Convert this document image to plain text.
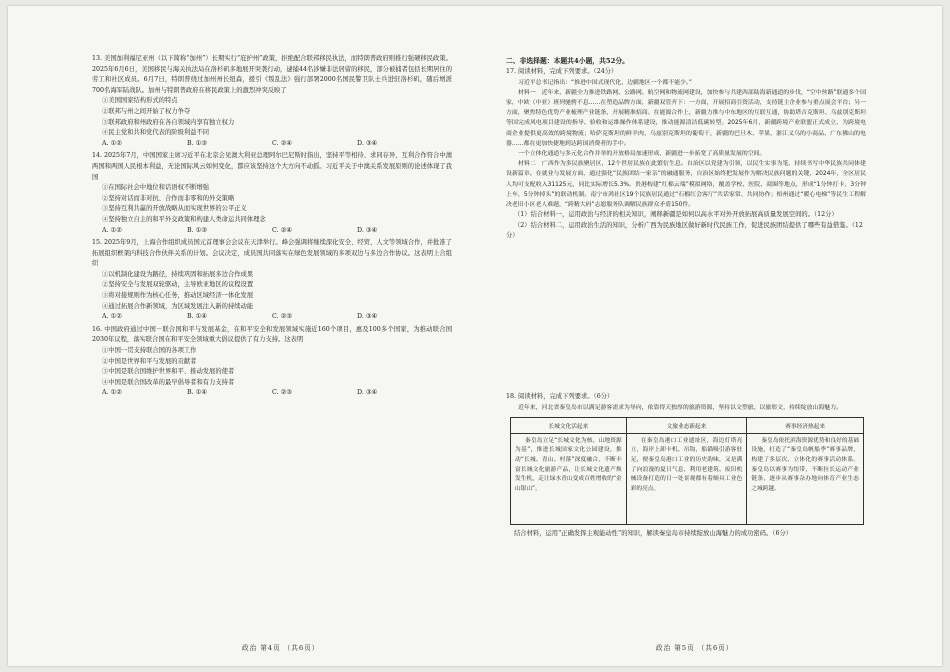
13. 美国加利福尼亚州（以下简称“加州”）长期实行“庇护州”政策，拒绝配合联邦移民执法，而特朗普政府则推行强硬移民政策。2025年6月6日，美国移民与海关执法局在洛杉矶多地展开突袭行动，逮捕44名涉嫌非法居留的移民，部分被捕者包括长期居住的劳工和社区成员。6月7日，特朗普绕过加州州长纽森，援引《叛乱法》强行部署2000名国民警卫队士兵进驻洛杉矶，随后增派700名海军陆战队。加州与特朗普政府在移民政策上的激烈冲突反映了

①美国国家结构形式的特点

②联邦与州之间开始了权力争夺

③联邦政府和州政府在各自领域内享有独立权力

④民主党和共和党代表的阶级利益不同

A. ①②	B. ①③	C. ②④	D. ③④

14. 2025年7月，中国国家主席习近平在北京会见澳大利亚总理阿尔巴尼斯时指出，坚持平等相待、求同存异、互利合作符合中澳两国和两国人民根本利益，无论国际风云如何变化，都应该坚持这个大方向不动摇。习近平关于中澳关系发展原则的论述体现了我国

①在国际社会中地位和话语权不断增强

②坚持对话而非对抗、合作而非零和的外交策略

③坚持互利共赢的开放战略从而实现世界的公平正义

④坚持独立自主的和平外交政策和构建人类命运共同体理念

A. ①②	B. ①③	C. ②④	D. ③④

15. 2025年9月，上海合作组织成员国元首理事会会议在天津举行。峰会强调将继续深化安全、经贸、人文等领域合作，并批准了拓展组织框架内科技合作伙伴关系的计划。会议决定，成员国共同落实在绿色发展领域的多项双边与多边合作协议。这表明上合组织

①以机制化建设为路径，持续巩固和拓展多边合作成果

②坚持安全与发展双轮驱动，主导欧亚地区的议程设置

③将对接规则作为核心任务，推动区域经济一体化发展

④通过拓展合作新领域，为区域发展注入新的持续动能

A. ①②	B. ①④	C. ②③	D. ③④

16. 中国政府通过中国－联合国和平与发展基金，在和平安全和发展领域实施近160个项目，惠及100多个国家，为推动联合国2030年议程，落实联合国在和平安全领域重大倡议提供了有力支持。这表明

①中国一贯支持联合国的各项工作

②中国是世界和平与发展的贡献者

③中国是联合国维护世界和平、推动发展的使者

④中国是联合国改革的最早倡导者和有力支持者

A. ①②	B. ①④	C. ②③	D. ③④
政治 第4页 （共6页）

二、非选择题：本题共4小题，共52分。

17. 阅读材料，完成下列要求。（24分）

习近平总书记指出：“推进中国式现代化，边疆地区一个都不能少。”

材料一　近年来，新疆全力推进铁路网、公路网、航空网和物流网建设，加快参与共建西部陆海新通道的步伐，“空中丝路”联通多个国家，中欧（中亚）班列驰骋不息……在塑造品牌方面，新疆双管齐下：一方面，开展招商引资活动，支持链主企业参与重点展会平台；另一方面，聚焦特色优势产业梳理产业链条，开展精准招商。在能源合作上，新疆力推与中东地区的互联互通，协助塔吉克斯坦、乌兹别克斯坦等国完成风电项目建设的指导、验收和运维操作体系建设，推动能源清洁低碳转型。2025年6月，新疆跨境产业联盟正式成立，为跨境电商企业提供更高效的跨境物流；哈萨克斯坦的鲜羊肉、乌兹别克斯坦的葡萄干，新疆的巴旦木、苹果，浙江义乌的小商品、广东佛山的电器……都在更加快捷地到达跨国消费者的手中。

一个立体化通道与多元化合作并举的开放格局加速形成，新疆进一步拓宽了高质量发展的空间。

材料二　广西作为多民族聚居区，12个世居民族在此繁衍生息。自治区以党建为引领，以民生实事为笔，持续书写中华民族共同体建设新篇章。在就业与发展方面，通过强化“民族团结一家亲”的融通服务，自治区始终把发展作为解决民族问题的关键，2024年，全区居民人均可支配收入31125元，同比实际增长5.3%。贵港构建“红棉云端”模拟网络，覆盖学校、医院、商圈等地点，形成“1分钟打卡，3分钟上车，5分钟掉头”的联动机制。南宁市鸿社区19个民族居民通过“石榴红会客厅”共话家常、共同协作；梧州通过“暖心电梯”等民生工程解决老旧小区老人难题，“跨精大码”志愿服务队调解民族群众矛盾150件。

（1）结合材料一，运用政治与经济的相关知识，阐释新疆是如何以高水平对外开放拓展高质量发展空间的。（12分）

（2）结合材料二，运用政治生活的知识，分析广西为民族地区做好新时代民族工作，促进民族团结提供了哪些有益借鉴。（12分）

18. 阅读材料，完成下列要求。（6分）

近年来，河北省秦皇岛市以满足游客需求为导向，依靠得天独厚的旅游资源，坚持以文塑旅、以旅彰文，持续绽放山海魅力。

长城文化活起来	文旅业态新起来	赛事经济热起来
秦皇岛立足“长城文化为核、山地资源为基”，推进长城国家文化公园建设，推动“长城、青山、村落”深度融合，不断丰富长城文化旅游产品，让长城文化遗产焕发生机，走让绿水青山变成百姓增收的“金山银山”。	在秦皇岛港口工业遗址区，海边灯塔亮立，海岸上卸卡机、吊钩，船锚吸引游客驻足，便秦皇岛港口工业的历史韵味，又是满了向浪漫的夏日气息，利用老建筑、废旧机械设备打造的日一处景观都有着颇具工业色彩的亮点。	秦皇岛依托滨海资源优势和良好的基础设施，打造了“秦皇岛帆船季”赛事品牌，构建了多层次、立体化的赛事活动体系。秦皇岛以赛事为纽带，不断拉长运动产业链条，逐步从赛事杂办地向体育产业生态之城跨越。

结合材料，运用“正确发挥主观能动性”的知识，解读秦皇岛市持续绽放山海魅力的成功密码。（6分）

政治 第5页 （共6页）
